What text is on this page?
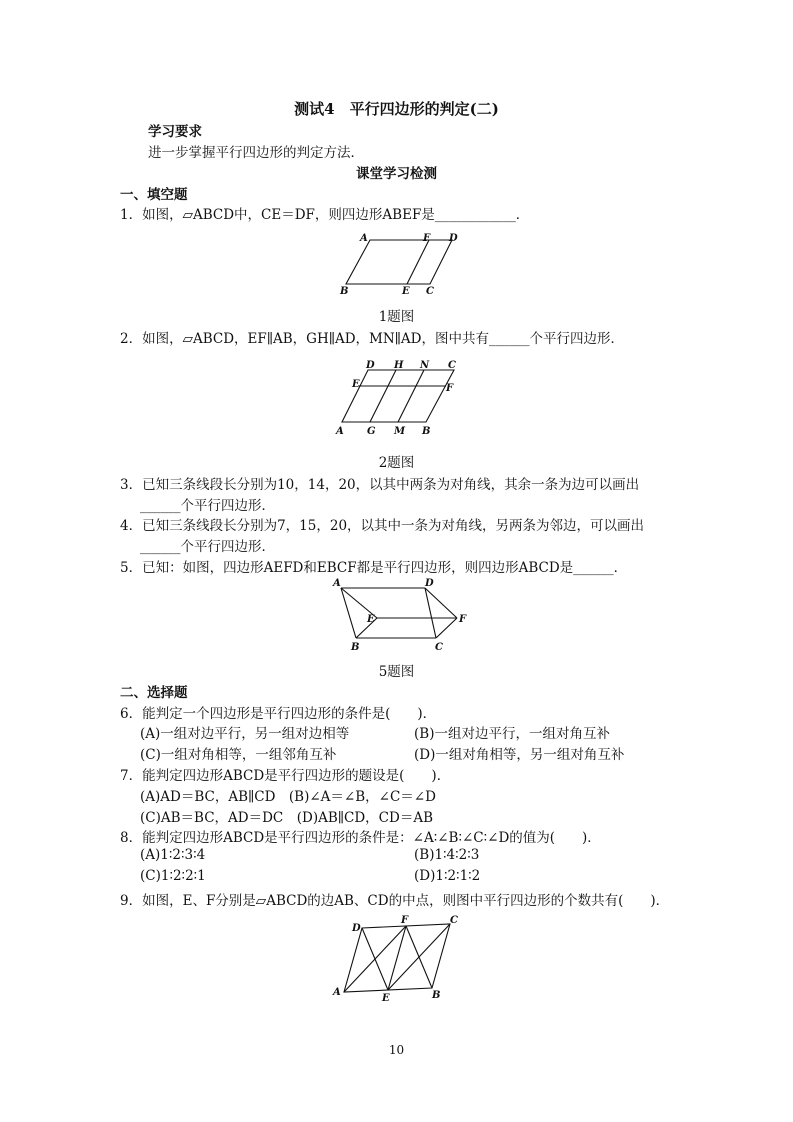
测试4　平行四边形的判定(二)
学习要求
进一步掌握平行四边形的判定方法．
课堂学习检测
一、填空题
1．如图，▱ABCD中，CE＝DF，则四边形ABEF是____________．
A	F D
B	E C
1题图
2．如图，▱ABCD，EF∥AB，GH∥AD，MN∥AD，图中共有______个平行四边形．
D H N C
E	F
A G M B
2题图
3．已知三条线段长分别为10，14，20，以其中两条为对角线，其余一条为边可以画出
______个平行四边形．
4．已知三条线段长分别为7，15，20，以其中一条为对角线，另两条为邻边，可以画出
______个平行四边形．
5．已知：如图，四边形AEFD和EBCF都是平行四边形，则四边形ABCD是______．
A	D
E	F
B	C
5题图
二、选择题
6．能判定一个四边形是平行四边形的条件是(　　)．
(A)一组对边平行，另一组对边相等	(B)一组对边平行，一组对角互补
(C)一组对角相等，一组邻角互补	(D)一组对角相等，另一组对角互补
7．能判定四边形ABCD是平行四边形的题设是(　　)．
(A)AD＝BC，AB∥CD　(B)∠A＝∠B，∠C＝∠D
(C)AB＝BC，AD＝DC　(D)AB∥CD，CD＝AB
8．能判定四边形ABCD是平行四边形的条件是：∠A∶∠B∶∠C∶∠D的值为(　　)．
(A)1∶2∶3∶4	(B)1∶4∶2∶3
(C)1∶2∶2∶1	(D)1∶2∶1∶2
9．如图，E、F分别是▱ABCD的边AB、CD的中点，则图中平行四边形的个数共有(　　)．
D
F	C
A
E	B
10
